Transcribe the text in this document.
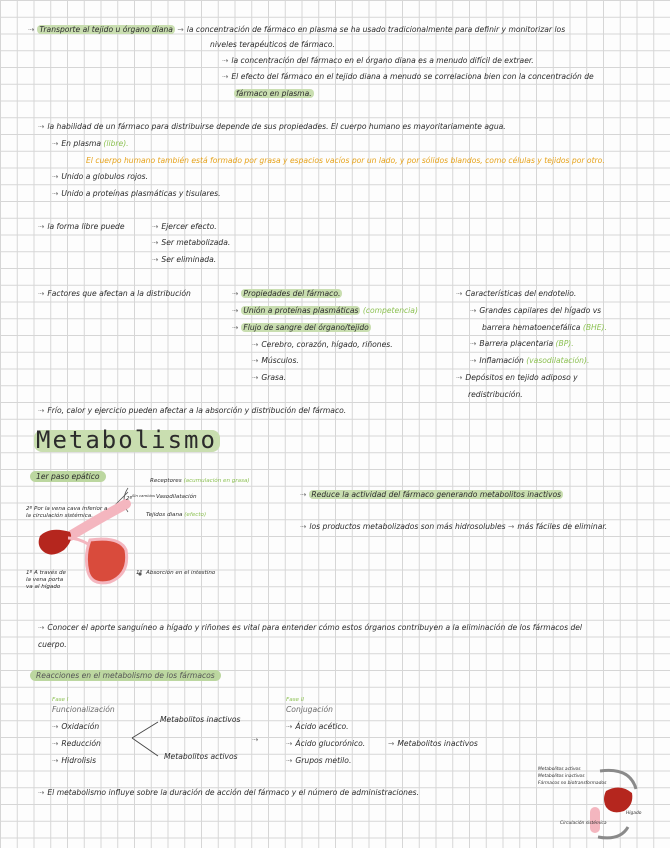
⇢ Transporte al tejido u órgano diana → la concentración de fármaco en plasma se ha usado tradicionalmente para definir y monitorizar los
niveles terapéuticos de fármaco.
⇢ la concentración del fármaco en el órgano diana es a menudo difícil de extraer.
⇢ El efecto del fármaco en el tejido diana a menudo se correlaciona bien con la concentración de
fármaco en plasma.
⇢ la habilidad de un fármaco para distribuirse depende de sus propiedades. El cuerpo humano es mayoritariamente agua.
⇢ En plasma (libre).
El cuerpo humano también está formado por grasa y espacios vacíos por un lado, y por sólidos blandos, como células y tejidos por otro.
⇢ Unido a globulos rojos.
⇢ Unido a proteínas plasmáticas y tisulares.
⇢ la forma libre puede	⇢ Ejercer efecto.
⇢ Ser metabolizada.
⇢ Ser eliminada.
⇢ Factores que afectan a la distribución	⇢ Propiedades del fármaco.
⇢ Unión a proteínas plasmáticas (competencia)
⇢ Flujo de sangre del órgano/tejido
⇢ Cerebro, corazón, hígado, riñones.
⇢ Músculos.
⇢ Grasa.
⇢ Características del endotelio.
⇢ Grandes capilares del hígado vs
barrera hematoencefálica (BHE).
⇢ Barrera placentaria (BP).
⇢ Inflamación (vasodilatación).
⇢ Depósitos en tejido adiposo y
redistribución.
⇢ Frío, calor y ejercicio pueden afectar a la absorción y distribución del fármaco.
Metabolismo
1er paso epático	Receptores (acumulación en grasa)
Vasodilatación
Tejidos diana (efecto)
Sin cambios
2º Por la vena cava inferior a la circulación sistémica.
1º A través de la vena porta va al hígado
1º
2º
Absorción en el intestino
⇢ Reduce la actividad del fármaco generando metabolitos inactivos
⇢ los productos metabolizados son más hidrosolubles → más fáciles de eliminar.
⇢ Conocer el aporte sanguíneo a hígado y riñones es vital para entender cómo estos órganos contribuyen a la eliminación de los fármacos del
cuerpo.
Reacciones en el metabolismo de los fármacos
Fase I
Funcionalización
⇢ Oxidación
⇢ Reducción
⇢ Hidrolisis
Metabolitos inactivos
Metabolitos activos
⇢
Fase II
Conjugación
⇢ Ácido acético.
⇢ Ácido glucorónico.
⇢ Grupos metilo.
→ Metabolitos inactivos
⇢ El metabolismo influye sobre la duración de acción del fármaco y el número de administraciones.
Metabolitos activos
Metabolitos inactivos
Fármacos no biotransformados
Hígado
Circulación sistémica
